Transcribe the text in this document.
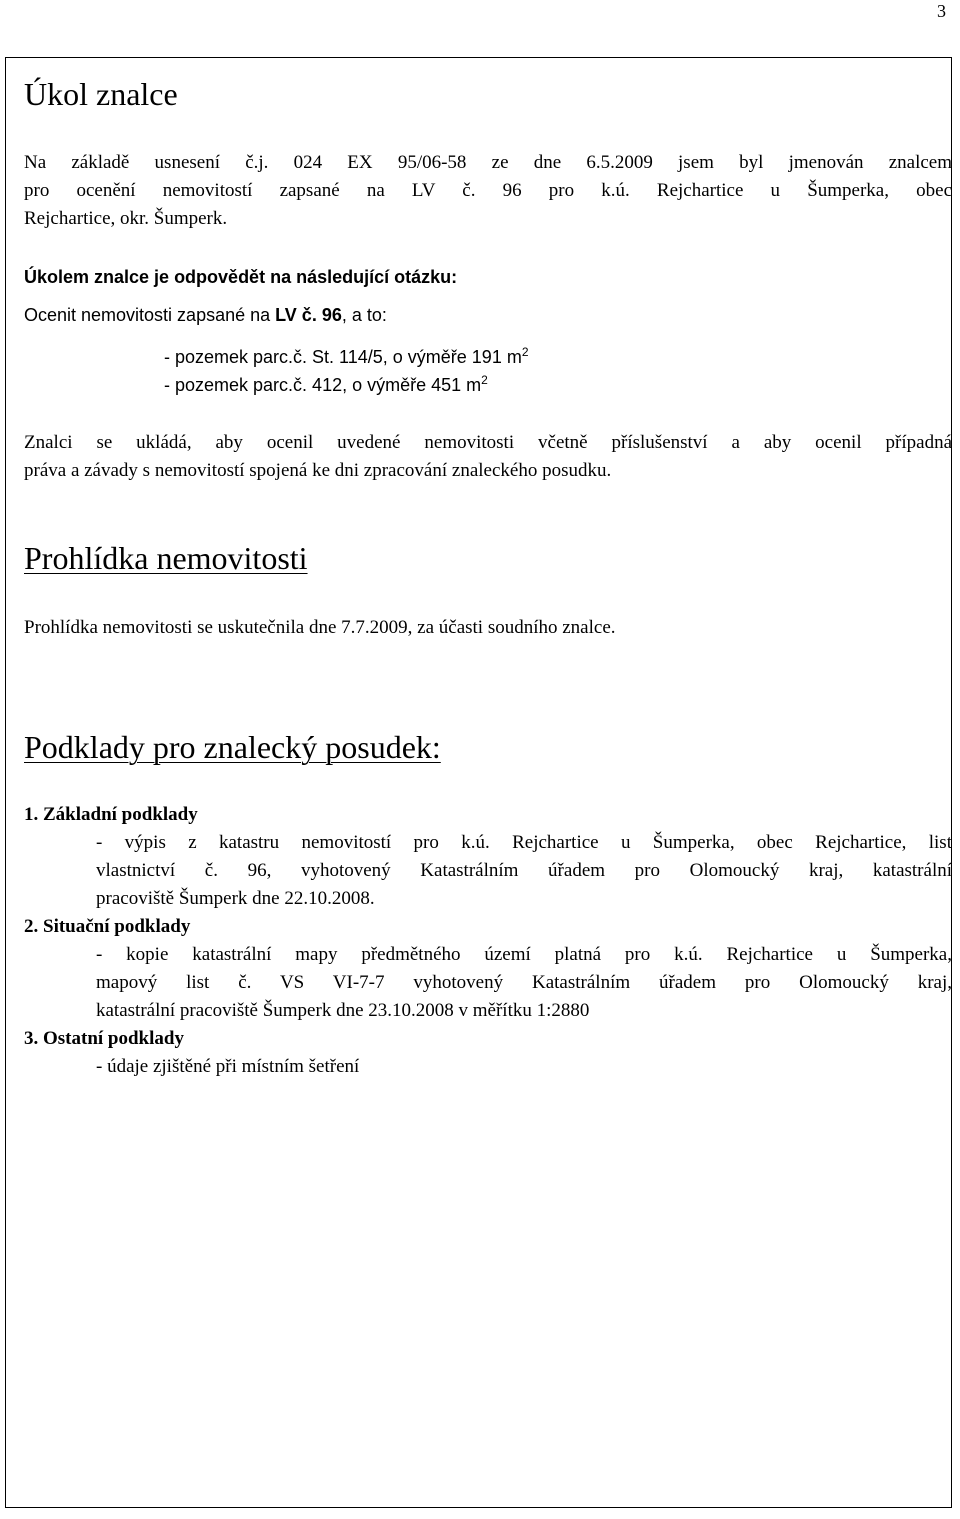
3
Úkol znalce
Na základě usnesení č.j. 024 EX 95/06-58 ze dne 6.5.2009 jsem byl jmenován znalcem
pro ocenění nemovitostí zapsané na LV č. 96 pro k.ú. Rejchartice u Šumperka, obec
Rejchartice, okr. Šumperk.
Úkolem znalce je odpovědět na následující otázku:
Ocenit nemovitosti zapsané na LV č. 96, a to:
- pozemek parc.č. St. 114/5, o výměře 191 $m^2$
- pozemek parc.č. 412, o výměře 451 $m^2$
Znalci se ukládá, aby ocenil uvedené nemovitosti včetně příslušenství a aby ocenil případná
práva a závady s nemovitostí spojená ke dni zpracování znaleckého posudku.
Prohlídka nemovitosti
Prohlídka nemovitosti se uskutečnila dne 7.7.2009, za účasti soudního znalce.
Podklady pro znalecký posudek:
1. Základní podklady
- výpis z katastru nemovitostí pro k.ú. Rejchartice u Šumperka, obec Rejchartice, list
vlastnictví č. 96, vyhotovený Katastrálním úřadem pro Olomoucký kraj, katastrální
pracoviště Šumperk dne 22.10.2008.
2. Situační podklady
- kopie katastrální mapy předmětného území platná pro k.ú. Rejchartice u Šumperka,
mapový list č. VS VI-7-7 vyhotovený Katastrálním úřadem pro Olomoucký kraj,
katastrální pracoviště Šumperk dne 23.10.2008 v měřítku 1:2880
3. Ostatní podklady
- údaje zjištěné při místním šetření
